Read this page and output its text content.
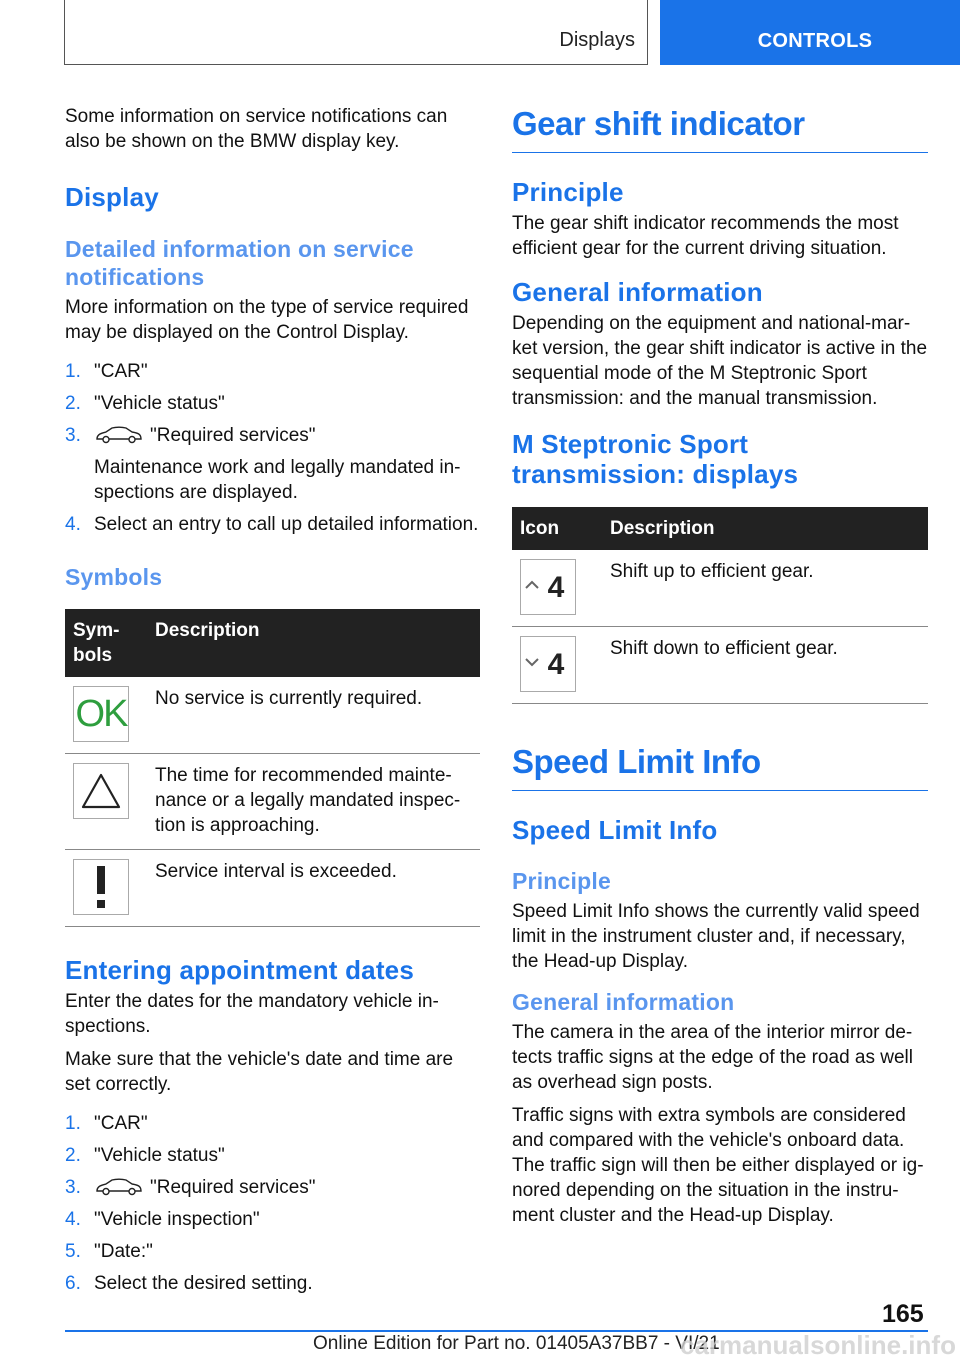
Displays	CONTROLS

Some information on service notifications can also be shown on the BMW display key.

Display
Detailed information on service notifications

More information on the type of service required may be displayed on the Control Display.

1. "CAR"
2. "Vehicle status"
3.	"Required services"
Maintenance work and legally mandated inspections are displayed.
4. Select an entry to call up detailed information.
Symbols
Symbols	Description

OK	No service is currently required.

	The time for recommended maintenance or a legally mandated inspection is approaching.

	Service interval is exceeded.
Entering appointment dates

Enter the dates for the mandatory vehicle inspections.

Make sure that the vehicle's date and time are set correctly.

1. "CAR"
2. "Vehicle status"
3.	"Required services"
4. "Vehicle inspection"
5. "Date:"
6. Select the desired setting.
Gear shift indicator
Principle

The gear shift indicator recommends the most efficient gear for the current driving situation.

General information

Depending on the equipment and national-market version, the gear shift indicator is active in the sequential mode of the M Steptronic Sport transmission: and the manual transmission.

M Steptronic Sport transmission: displays
Icon	Description

4	Shift up to efficient gear.

4	Shift down to efficient gear.
Speed Limit Info
Speed Limit Info
Principle

Speed Limit Info shows the currently valid speed limit in the instrument cluster and, if necessary, the Head-up Display.

General information

The camera in the area of the interior mirror detects traffic signs at the edge of the road as well as overhead sign posts.

Traffic signs with extra symbols are considered and compared with the vehicle's onboard data. The traffic sign will then be either displayed or ignored depending on the situation in the instrument cluster and the Head-up Display.

165
Online Edition for Part no. 01405A37BB7 - VI/21
carmanualsonline.info
